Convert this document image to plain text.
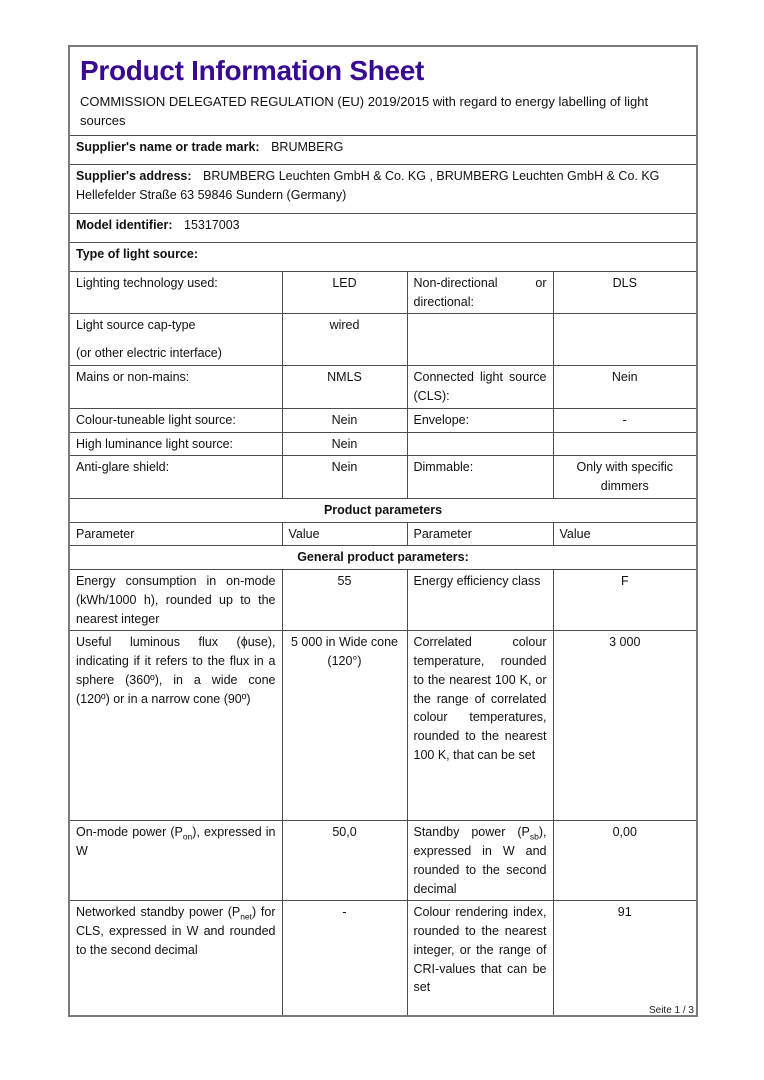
Product Information Sheet
COMMISSION DELEGATED REGULATION (EU) 2019/2015 with regard to energy labelling of light sources

Supplier's name or trade mark: BRUMBERG			
Supplier's address: BRUMBERG Leuchten GmbH & Co. KG , BRUMBERG Leuchten GmbH & Co. KG Hellefelder Straße 63 59846 Sundern (Germany)			
Model identifier: 15317003			
Type of light source:			
Lighting technology used:	LED	Non-directional or directional:	DLS

Light source cap-type
(or other electric interface)	wired		
Mains or non-mains:	NMLS	Connected light source (CLS):	Nein
Colour-tuneable light source:	Nein	Envelope:	-
High luminance light source:	Nein		
Anti-glare shield:	Nein	Dimmable:	Only with specific dimmers
Product parameters			
Parameter	Value	Parameter	Value
General product parameters:			
Energy consumption in on-mode (kWh/1000 h), rounded up to the nearest integer	55	Energy efficiency class	F
Useful luminous flux (ϕuse), indicating if it refers to the flux in a sphere (360º), in a wide cone (120º) or in a narrow cone (90º)	5 000 in Wide cone (120°)	Correlated colour temperature, rounded to the nearest 100 K, or the range of correlated colour temperatures, rounded to the nearest 100 K, that can be set	3 000
On-mode power $(P_{on})$, expressed in W	50,0	Standby power $(P_{sb})$, expressed in W and rounded to the second decimal	0,00
Networked standby power $(P_{net})$ for CLS, expressed in W and rounded to the second decimal	-	Colour rendering index, rounded to the nearest integer, or the range of CRI-values that can be set	91
Seite 1 / 3
